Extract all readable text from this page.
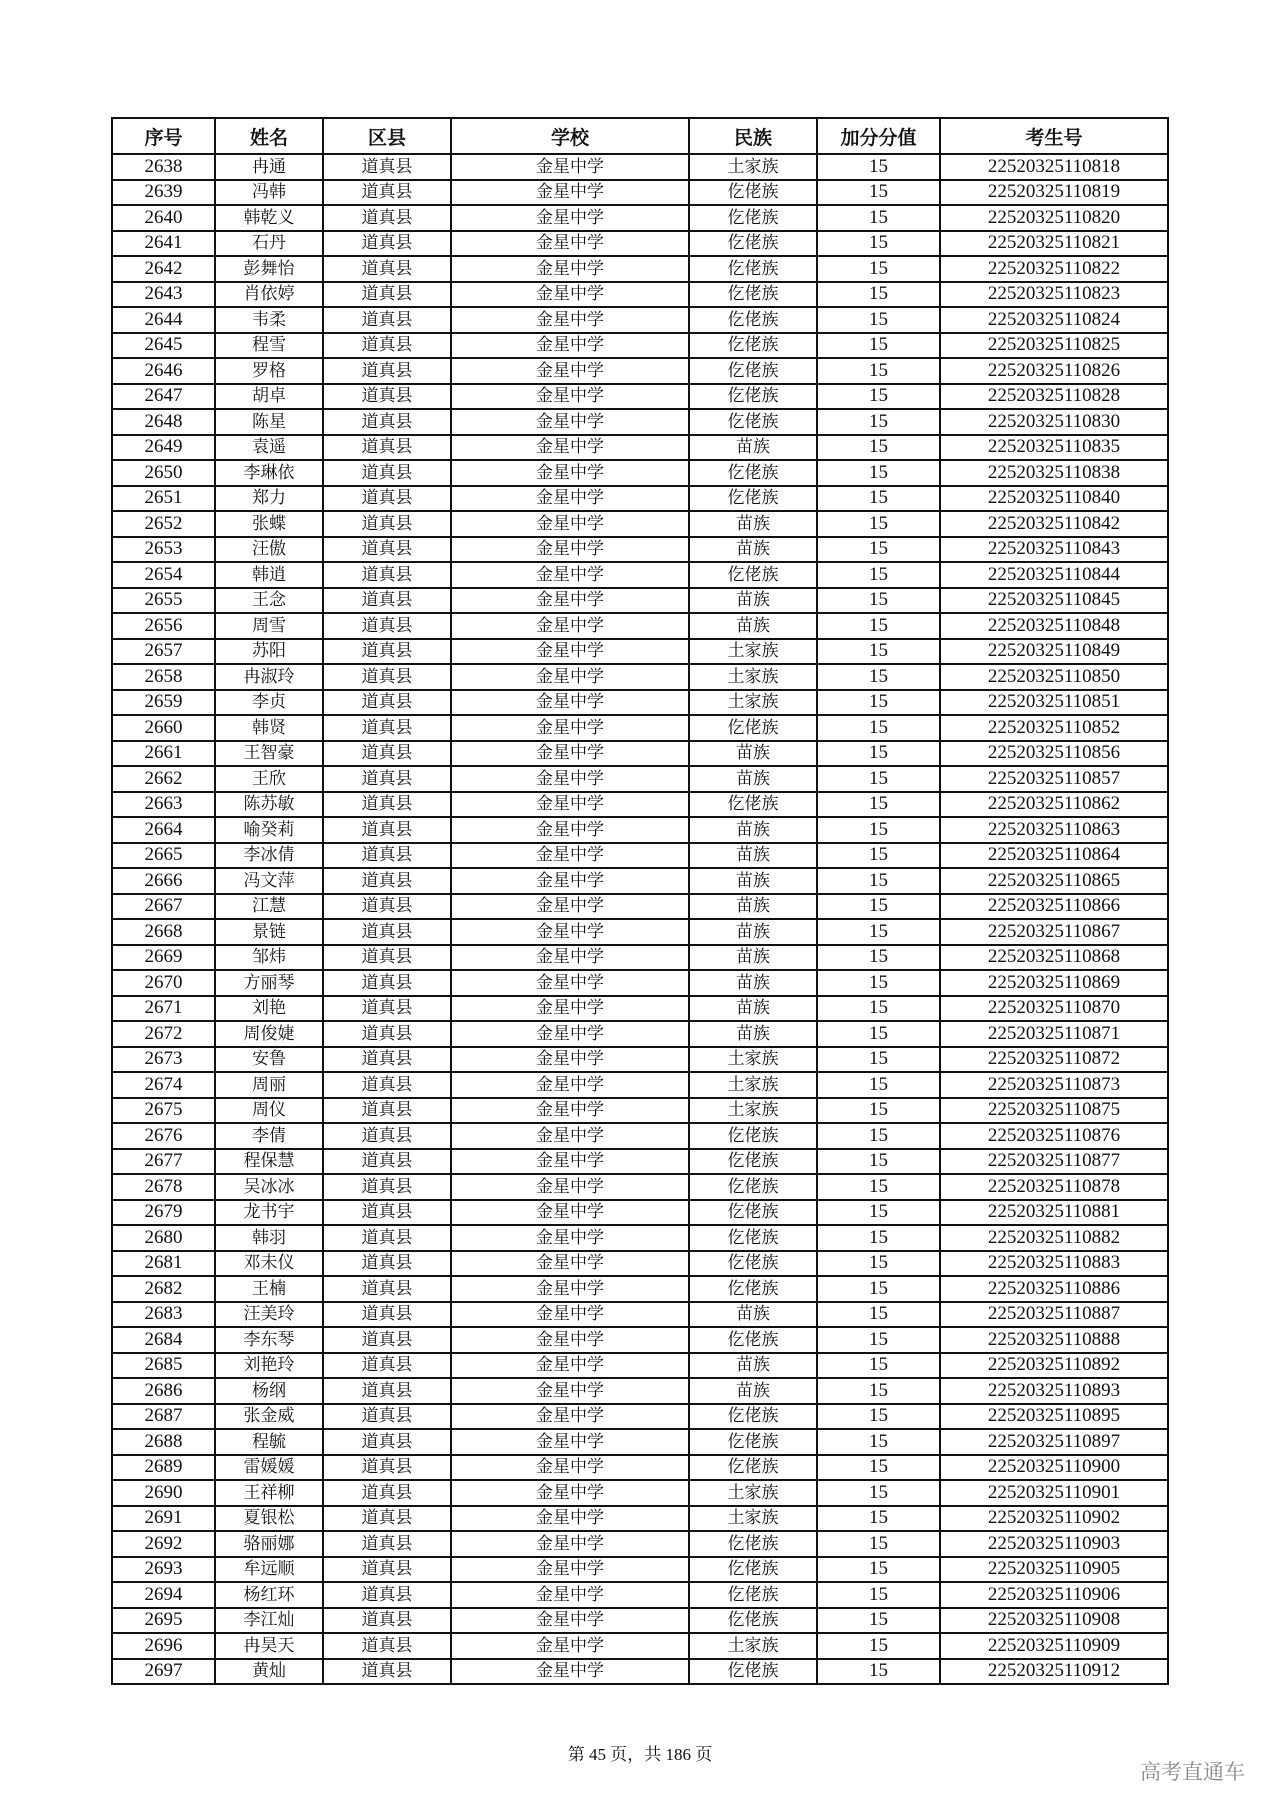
序号	姓名	区县	学校	民族	加分分值	考生号
2638	冉通	道真县	金星中学	土家族	15	22520325110818
2639	冯韩	道真县	金星中学	仡佬族	15	22520325110819
2640	韩乾义	道真县	金星中学	仡佬族	15	22520325110820
2641	石丹	道真县	金星中学	仡佬族	15	22520325110821
2642	彭舞怡	道真县	金星中学	仡佬族	15	22520325110822
2643	肖依婷	道真县	金星中学	仡佬族	15	22520325110823
2644	韦柔	道真县	金星中学	仡佬族	15	22520325110824
2645	程雪	道真县	金星中学	仡佬族	15	22520325110825
2646	罗格	道真县	金星中学	仡佬族	15	22520325110826
2647	胡卓	道真县	金星中学	仡佬族	15	22520325110828
2648	陈星	道真县	金星中学	仡佬族	15	22520325110830
2649	袁遥	道真县	金星中学	苗族	15	22520325110835
2650	李琳依	道真县	金星中学	仡佬族	15	22520325110838
2651	郑力	道真县	金星中学	仡佬族	15	22520325110840
2652	张蝶	道真县	金星中学	苗族	15	22520325110842
2653	汪傲	道真县	金星中学	苗族	15	22520325110843
2654	韩逍	道真县	金星中学	仡佬族	15	22520325110844
2655	王念	道真县	金星中学	苗族	15	22520325110845
2656	周雪	道真县	金星中学	苗族	15	22520325110848
2657	苏阳	道真县	金星中学	土家族	15	22520325110849
2658	冉淑玲	道真县	金星中学	土家族	15	22520325110850
2659	李贞	道真县	金星中学	土家族	15	22520325110851
2660	韩贤	道真县	金星中学	仡佬族	15	22520325110852
2661	王智豪	道真县	金星中学	苗族	15	22520325110856
2662	王欣	道真县	金星中学	苗族	15	22520325110857
2663	陈苏敏	道真县	金星中学	仡佬族	15	22520325110862
2664	喻癸莉	道真县	金星中学	苗族	15	22520325110863
2665	李冰倩	道真县	金星中学	苗族	15	22520325110864
2666	冯文萍	道真县	金星中学	苗族	15	22520325110865
2667	江慧	道真县	金星中学	苗族	15	22520325110866
2668	景链	道真县	金星中学	苗族	15	22520325110867
2669	邹炜	道真县	金星中学	苗族	15	22520325110868
2670	方丽琴	道真县	金星中学	苗族	15	22520325110869
2671	刘艳	道真县	金星中学	苗族	15	22520325110870
2672	周俊婕	道真县	金星中学	苗族	15	22520325110871
2673	安鲁	道真县	金星中学	土家族	15	22520325110872
2674	周丽	道真县	金星中学	土家族	15	22520325110873
2675	周仪	道真县	金星中学	土家族	15	22520325110875
2676	李倩	道真县	金星中学	仡佬族	15	22520325110876
2677	程保慧	道真县	金星中学	仡佬族	15	22520325110877
2678	吴冰冰	道真县	金星中学	仡佬族	15	22520325110878
2679	龙书宇	道真县	金星中学	仡佬族	15	22520325110881
2680	韩羽	道真县	金星中学	仡佬族	15	22520325110882
2681	邓未仪	道真县	金星中学	仡佬族	15	22520325110883
2682	王楠	道真县	金星中学	仡佬族	15	22520325110886
2683	汪美玲	道真县	金星中学	苗族	15	22520325110887
2684	李东琴	道真县	金星中学	仡佬族	15	22520325110888
2685	刘艳玲	道真县	金星中学	苗族	15	22520325110892
2686	杨纲	道真县	金星中学	苗族	15	22520325110893
2687	张金威	道真县	金星中学	仡佬族	15	22520325110895
2688	程毓	道真县	金星中学	仡佬族	15	22520325110897
2689	雷媛媛	道真县	金星中学	仡佬族	15	22520325110900
2690	王祥柳	道真县	金星中学	土家族	15	22520325110901
2691	夏银松	道真县	金星中学	土家族	15	22520325110902
2692	骆丽娜	道真县	金星中学	仡佬族	15	22520325110903
2693	牟远顺	道真县	金星中学	仡佬族	15	22520325110905
2694	杨红环	道真县	金星中学	仡佬族	15	22520325110906
2695	李江灿	道真县	金星中学	仡佬族	15	22520325110908
2696	冉昊天	道真县	金星中学	土家族	15	22520325110909
2697	黄灿	道真县	金星中学	仡佬族	15	22520325110912
第 45 页，共 186 页
高考直通车
